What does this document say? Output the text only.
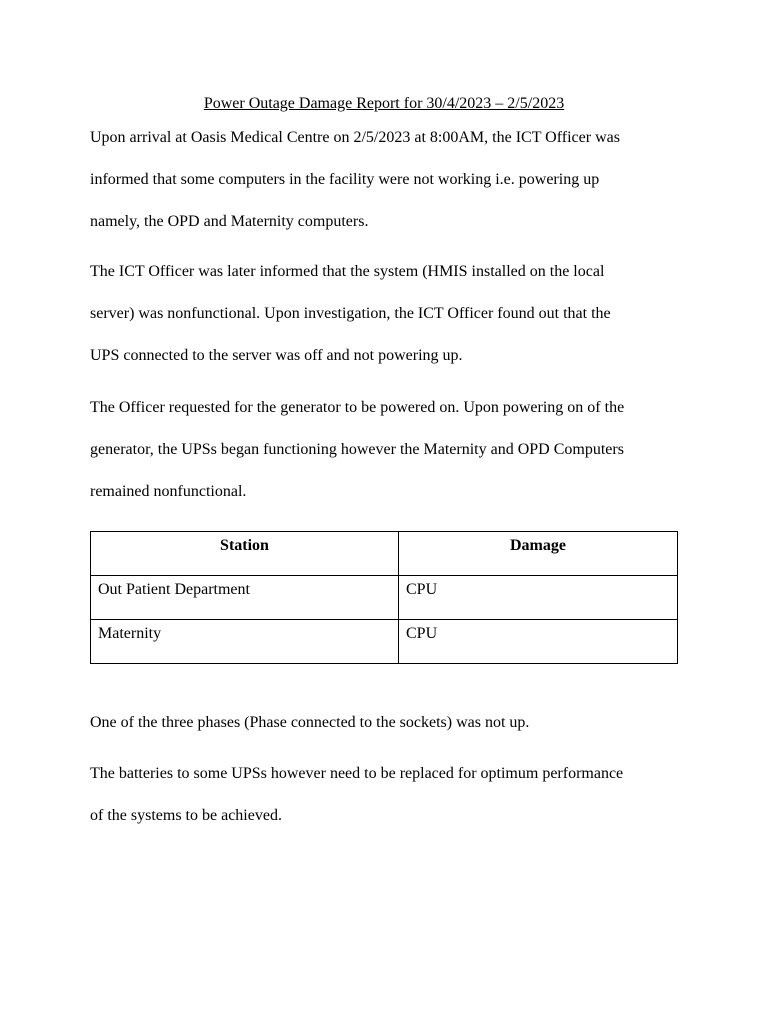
Power Outage Damage Report for 30/4/2023 – 2/5/2023

Upon arrival at Oasis Medical Centre on 2/5/2023 at 8:00AM, the ICT Officer was
informed that some computers in the facility were not working i.e. powering up
namely, the OPD and Maternity computers.

The ICT Officer was later informed that the system (HMIS installed on the local
server) was nonfunctional. Upon investigation, the ICT Officer found out that the
UPS connected to the server was off and not powering up.

The Officer requested for the generator to be powered on. Upon powering on of the
generator, the UPSs began functioning however the Maternity and OPD Computers
remained nonfunctional.

Station	Damage
Out Patient Department	CPU
Maternity	CPU

One of the three phases (Phase connected to the sockets) was not up.

The batteries to some UPSs however need to be replaced for optimum performance
of the systems to be achieved.
